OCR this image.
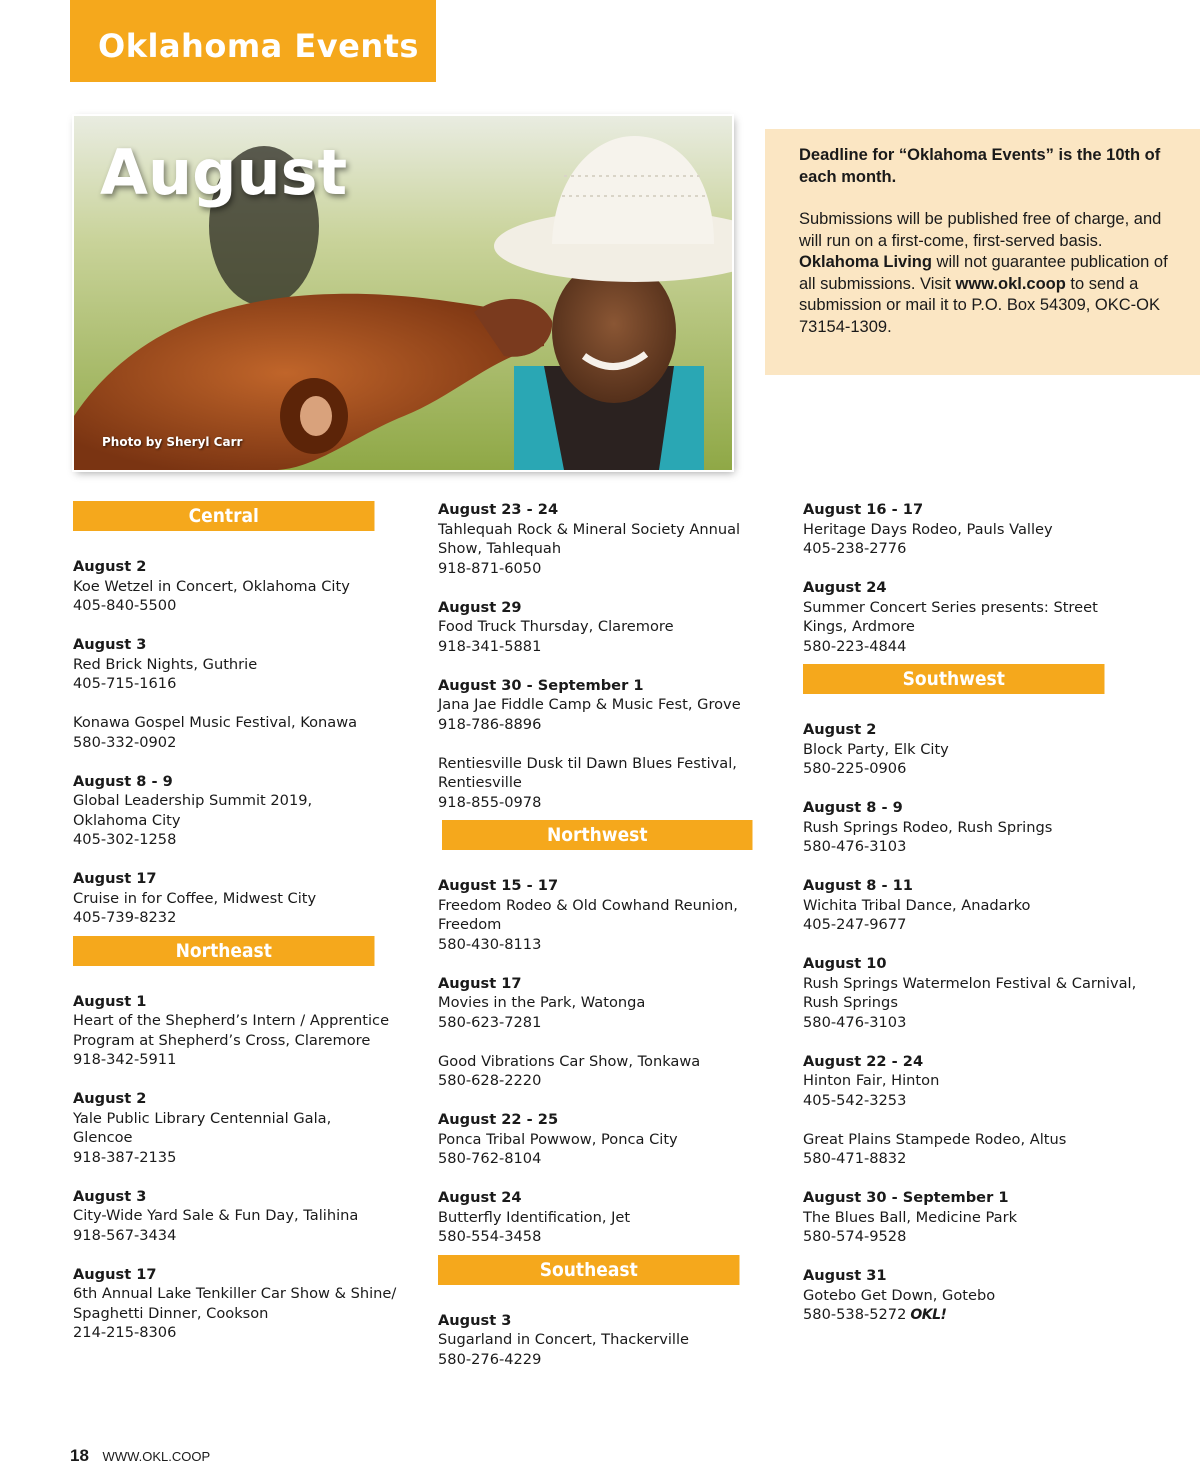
Oklahoma Events
August
Photo by Sheryl Carr

Deadline for “Oklahoma Events” is the 10th of each month.

Submissions will be published free of charge, and will run on a first-come, first-served basis. Oklahoma Living will not guarantee publication of all submissions. Visit www.okl.coop to send a submission or mail it to P.O. Box 54309, OKC-OK 73154-1309.

Central
August 2
Koe Wetzel in Concert, Oklahoma City
405-840-5500
August 3
Red Brick Nights, Guthrie
405-715-1616
Konawa Gospel Music Festival, Konawa
580-332-0902
August 8 - 9
Global Leadership Summit 2019, Oklahoma City
405-302-1258
August 17
Cruise in for Coffee, Midwest City
405-739-8232
Northeast
August 1
Heart of the Shepherd’s Intern / Apprentice Program at Shepherd’s Cross, Claremore
918-342-5911
August 2
Yale Public Library Centennial Gala, Glencoe
918-387-2135
August 3
City-Wide Yard Sale & Fun Day, Talihina
918-567-3434
August 17
6th Annual Lake Tenkiller Car Show & Shine/ Spaghetti Dinner, Cookson
214-215-8306
August 23 - 24
Tahlequah Rock & Mineral Society Annual Show, Tahlequah
918-871-6050
August 29
Food Truck Thursday, Claremore
918-341-5881
August 30 - September 1
Jana Jae Fiddle Camp & Music Fest, Grove
918-786-8896
Rentiesville Dusk til Dawn Blues Festival, Rentiesville
918-855-0978
Northwest
August 15 - 17
Freedom Rodeo & Old Cowhand Reunion, Freedom
580-430-8113
August 17
Movies in the Park, Watonga
580-623-7281
Good Vibrations Car Show, Tonkawa
580-628-2220
August 22 - 25
Ponca Tribal Powwow, Ponca City
580-762-8104
August 24
Butterfly Identification, Jet
580-554-3458
Southeast
August 3
Sugarland in Concert, Thackerville
580-276-4229
August 16 - 17
Heritage Days Rodeo, Pauls Valley
405-238-2776
August 24
Summer Concert Series presents: Street Kings, Ardmore
580-223-4844
Southwest
August 2
Block Party, Elk City
580-225-0906
August 8 - 9
Rush Springs Rodeo, Rush Springs
580-476-3103
August 8 - 11
Wichita Tribal Dance, Anadarko
405-247-9677
August 10
Rush Springs Watermelon Festival & Carnival, Rush Springs
580-476-3103
August 22 - 24
Hinton Fair, Hinton
405-542-3253
Great Plains Stampede Rodeo, Altus
580-471-8832
August 30 - September 1
The Blues Ball, Medicine Park
580-574-9528
August 31
Gotebo Get Down, Gotebo
580-538-5272 OKL!
18 WWW.OKL.COOP
